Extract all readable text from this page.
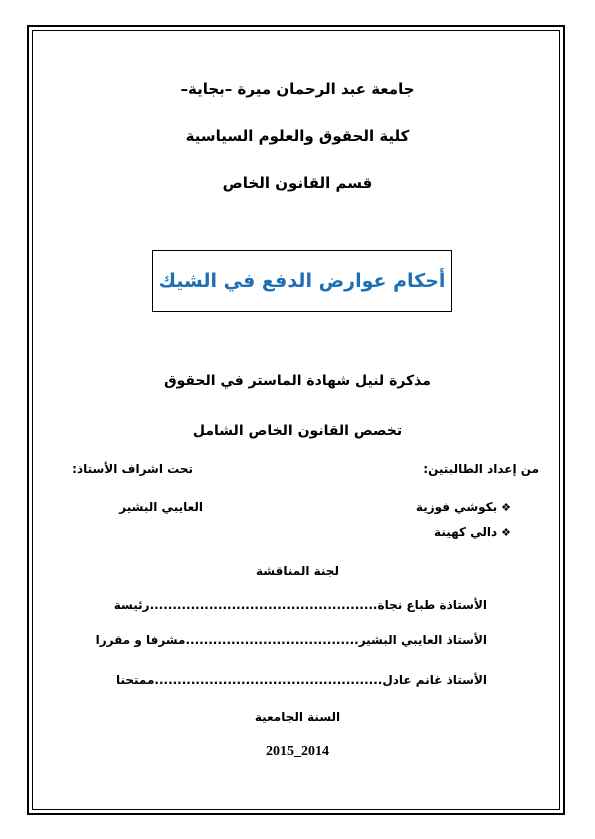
جامعة عبد الرحمان ميرة –بجاية–
كلية الحقوق والعلوم السياسية
قسم القانون الخاص
أحكام عوارض الدفع في الشيك
مذكرة لنيل شهادة الماستر في الحقوق
تخصص القانون الخاص الشامل
من إعداد الطالبتين:
تحت اشراف الأستاذ:
❖بكوشي فوزية
❖دالي كهينة
العايبي البشير
لجنة المناقشة
الأستاذة طباع نجاة..................................................رئيسة
الأستاذ العايبي البشير......................................مشرفا و مقررا
الأستاذ غانم عادل..................................................ممتحنا
السنة الجامعية
2015_2014
